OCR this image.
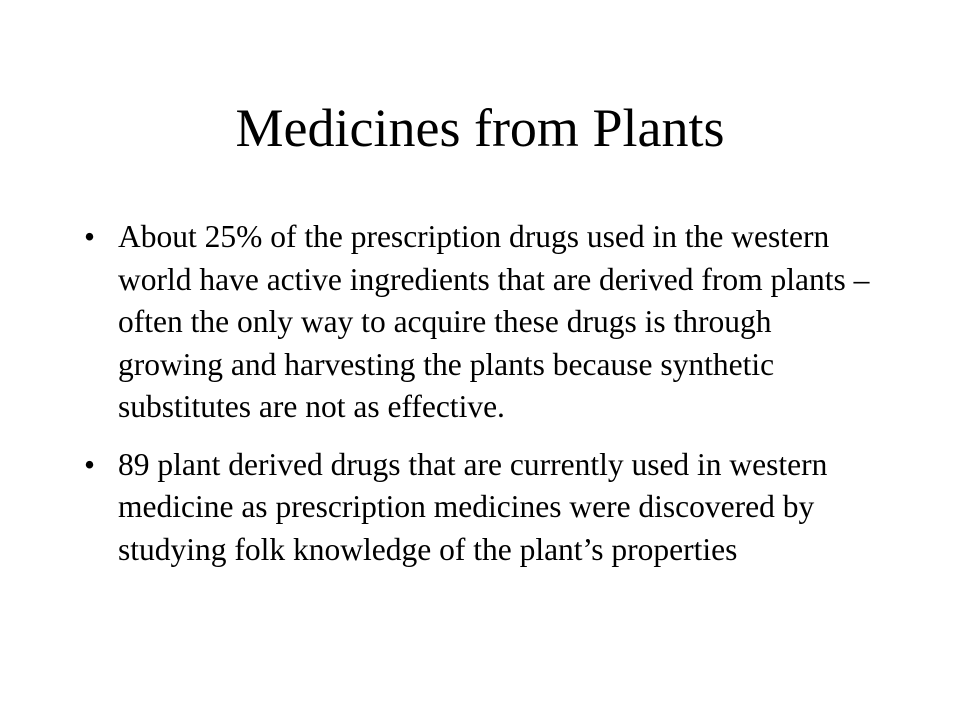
Medicines from Plants
• About 25% of the prescription drugs used in the western world have active ingredients that are derived from plants – often the only way to acquire these drugs is through growing and harvesting the plants because synthetic substitutes are not as effective.
• 89 plant derived drugs that are currently used in western medicine as prescription medicines were discovered by studying folk knowledge of the plant’s properties
